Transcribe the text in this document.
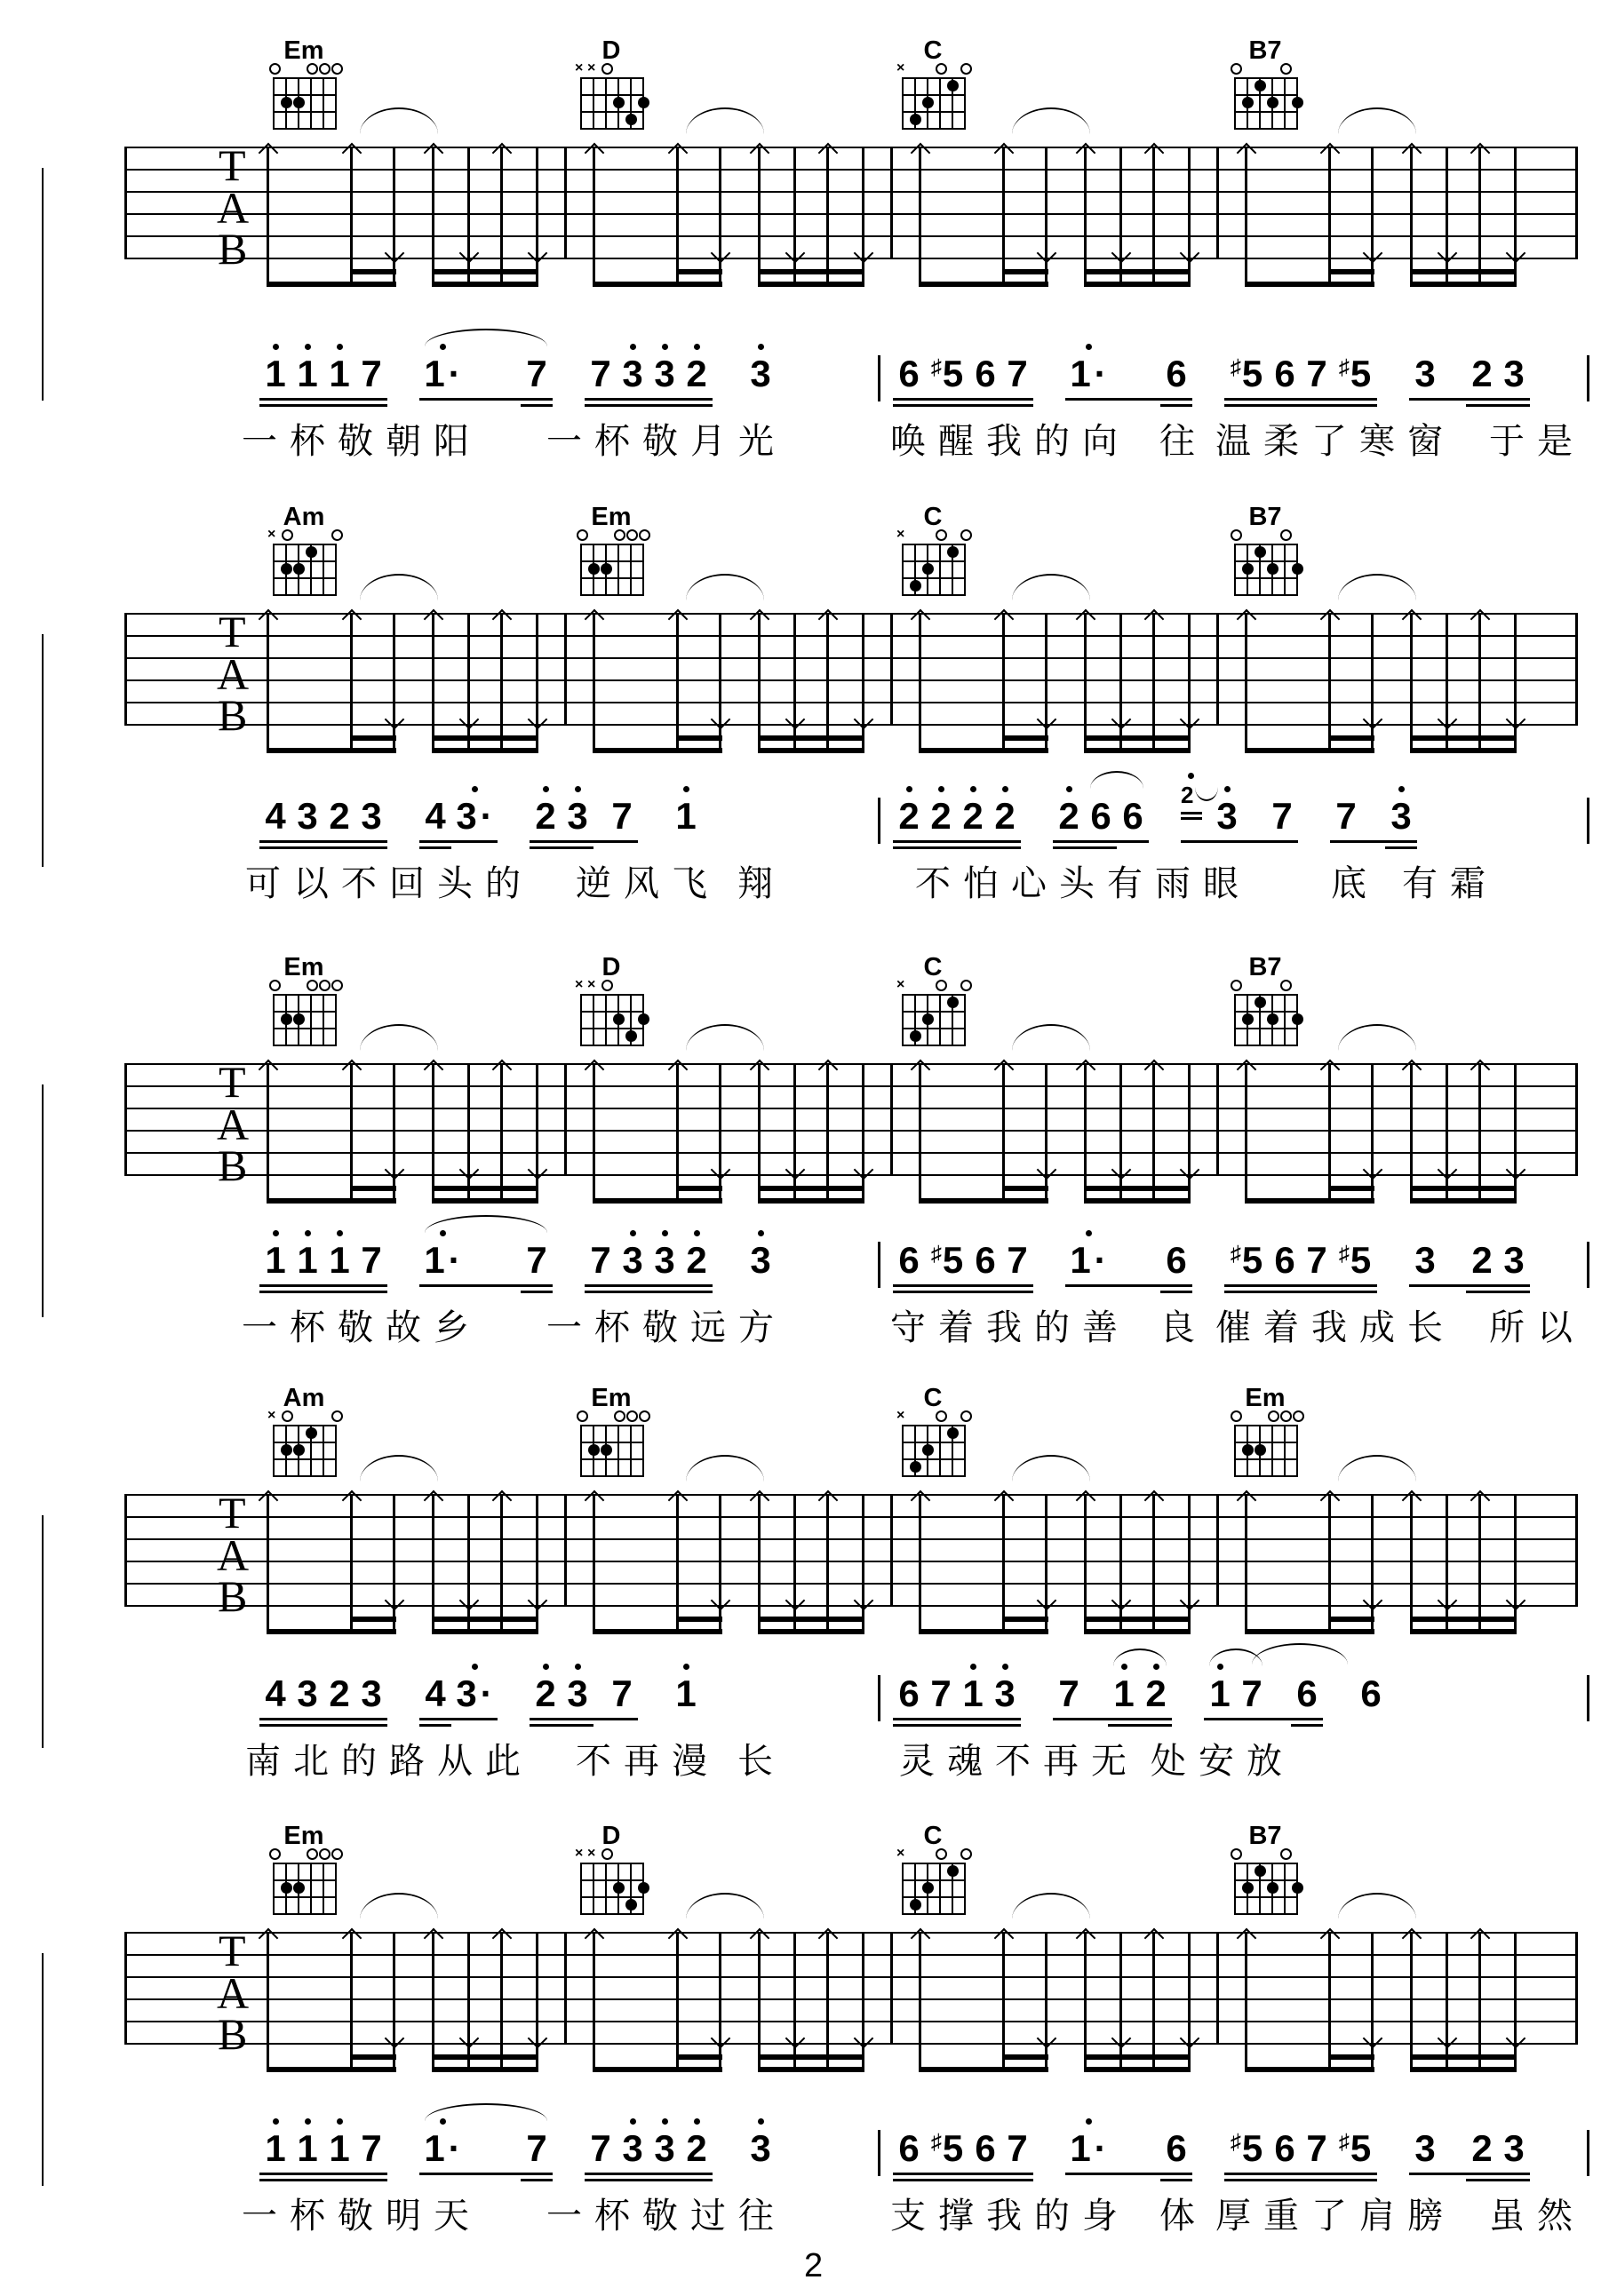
T
A
B
Em	D
× ×
C
×
B7
1 1 1 7 1· 7 7 3 3 2 3	6 ♯5 6 7 1· 6 ♯5 6 7 ♯5 3 2 3
一杯敬朝阳 一杯敬月光	唤醒我的向 往 温柔了寒窗 于是
T
A
B
Am
×
Em	C
×
B7
4 3 2 3 4 3· 2 3 7 1	2 2 2 2 2 6 6 2 3 7 7 3
可以不回头的 逆风飞 翔	不怕心头有雨眼 底 有霜
T
A
B
Em	D
× ×
C
×
B7
1 1 1 7 1· 7 7 3 3 2 3	6 ♯5 6 7 1· 6 ♯5 6 7 ♯5 3 2 3
一杯敬故乡 一杯敬远方	守着我的善 良 催着我成长 所以
T
A
B
Am
×
Em	C
×
Em
4 3 2 3 4 3· 2 3 7 1	6 7 1 3 7 1 2 1 7 6 6
南北的路从此 不再漫 长	灵魂不再无 处安放
T
A
B
Em	D
× ×
C
×
B7
1 1 1 7 1· 7 7 3 3 2 3	6 ♯5 6 7 1· 6 ♯5 6 7 ♯5 3 2 3
一杯敬明天 一杯敬过往	支撑我的身 体 厚重了肩膀 虽然
2
